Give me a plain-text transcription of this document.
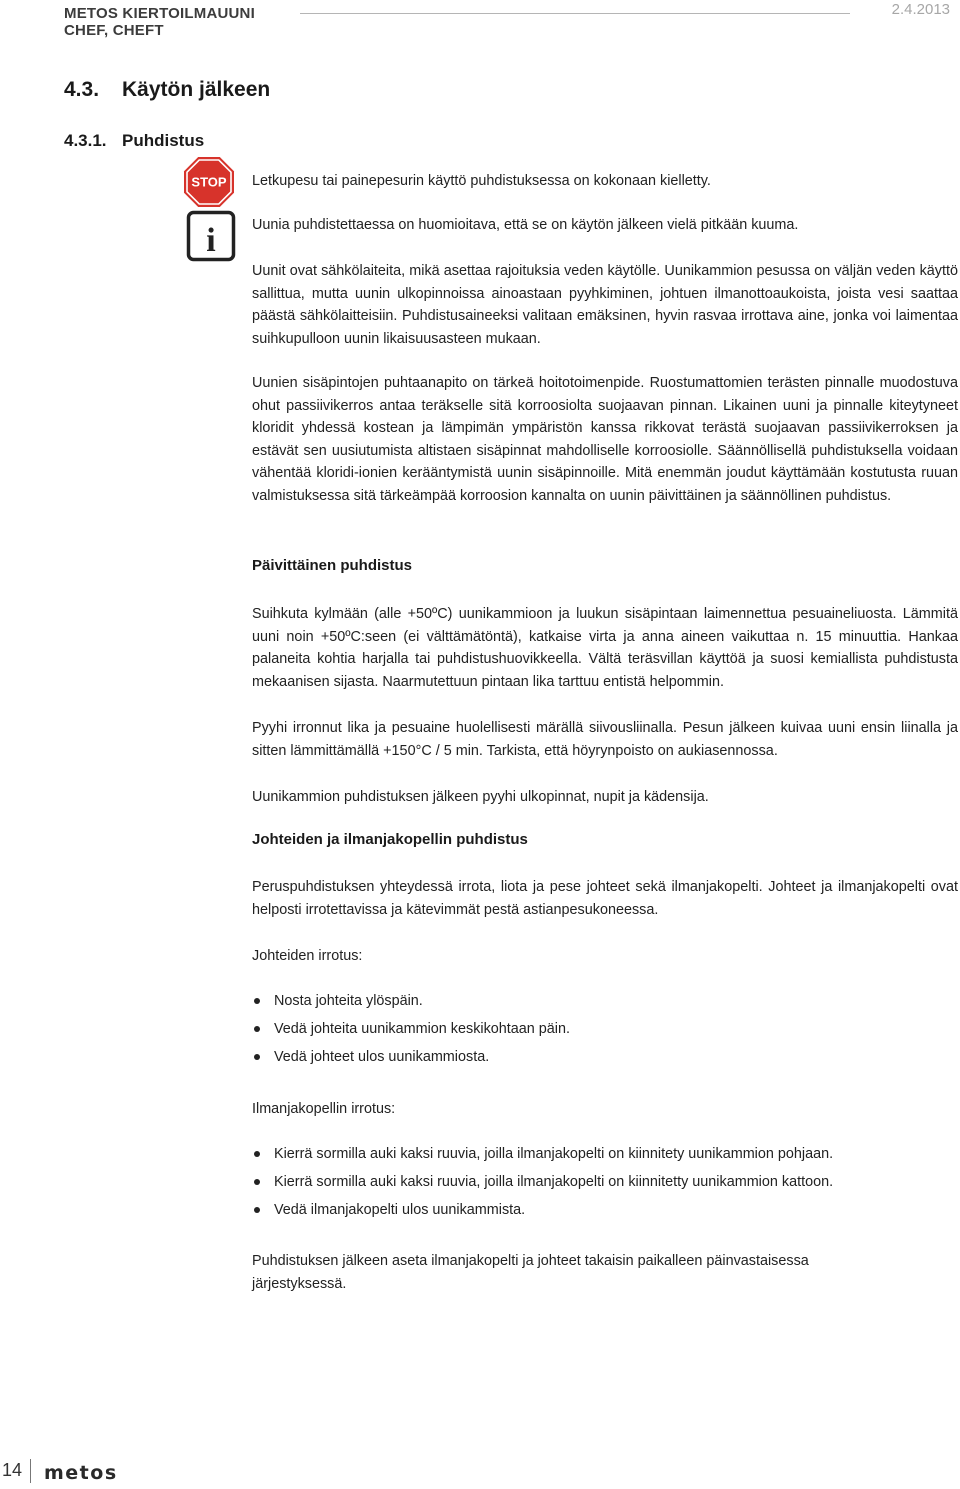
METOS KIERTOILMAUUNI
CHEF, CHEFT
2.4.2013
4.3. Käytön jälkeen
4.3.1. Puhdistus
STOP
i

Letkupesu tai painepesurin käyttö puhdistuksessa on kokonaan kielletty.

Uunia puhdistettaessa on huomioitava, että se on käytön jälkeen vielä pitkään kuuma.

Uunit ovat sähkölaiteita, mikä asettaa rajoituksia veden käytölle. Uunikammion pesussa on väljän veden käyttö sallittua, mutta uunin ulkopinnoissa ainoastaan pyyhkiminen, johtuen ilmanottoaukoista, joista vesi saattaa päästä sähkölaitteisiin. Puhdistusaineeksi valitaan emäksinen, hyvin rasvaa irrottava aine, jonka voi laimentaa suihkupulloon uunin likaisuusasteen mukaan.

Uunien sisäpintojen puhtaanapito on tärkeä hoitotoimenpide. Ruostumattomien terästen pinnalle muodostuva ohut passiivikerros antaa teräkselle sitä korroosiolta suojaavan pinnan. Likainen uuni ja pinnalle kiteytyneet kloridit yhdessä kostean ja lämpimän ympäristön kanssa rikkovat terästä suojaavan passiivikerroksen ja estävät sen uusiutumista altistaen sisäpinnat mahdolliselle korroosiolle. Säännöllisellä puhdistuksella voidaan vähentää kloridi-ionien kerääntymistä uunin sisäpinnoille. Mitä enemmän joudut käyttämään kostutusta ruuan valmistuksessa sitä tärkeämpää korroosion kannalta on uunin päivittäinen ja säännöllinen puhdistus.

Päivittäinen puhdistus

Suihkuta kylmään (alle +50ºC) uunikammioon ja luukun sisäpintaan laimennettua pesuaineliuosta. Lämmitä uuni noin +50ºC:seen (ei välttämätöntä), katkaise virta ja anna aineen vaikuttaa n. 15 minuuttia. Hankaa palaneita kohtia harjalla tai puhdistushuovikkeella. Vältä teräsvillan käyttöä ja suosi kemiallista puhdistusta mekaanisen sijasta. Naarmutettuun pintaan lika tarttuu entistä helpommin.

Pyyhi irronnut lika ja pesuaine huolellisesti märällä siivousliinalla. Pesun jälkeen kuivaa uuni ensin liinalla ja sitten lämmittämällä +150°C / 5 min. Tarkista, että höyrynpoisto on aukiasennossa.

Uunikammion puhdistuksen jälkeen pyyhi ulkopinnat, nupit ja kädensija.

Johteiden ja ilmanjakopellin puhdistus

Peruspuhdistuksen yhteydessä irrota, liota ja pese johteet sekä ilmanjakopelti. Johteet ja ilmanjakopelti ovat helposti irrotettavissa ja kätevimmät pestä astianpesukoneessa.

Johteiden irrotus:

Nosta johteita ylöspäin.
Vedä johteita uunikammion keskikohtaan päin.
Vedä johteet ulos uunikammiosta.

Ilmanjakopellin irrotus:

Kierrä sormilla auki kaksi ruuvia, joilla ilmanjakopelti on kiinnitety uunikammion pohjaan.
Kierrä sormilla auki kaksi ruuvia, joilla ilmanjakopelti on kiinnitetty uunikammion kattoon.
Vedä ilmanjakopelti ulos uunikammista.

Puhdistuksen jälkeen aseta ilmanjakopelti ja johteet takaisin paikalleen päinvastaisessa järjestyksessä.

14 metos
